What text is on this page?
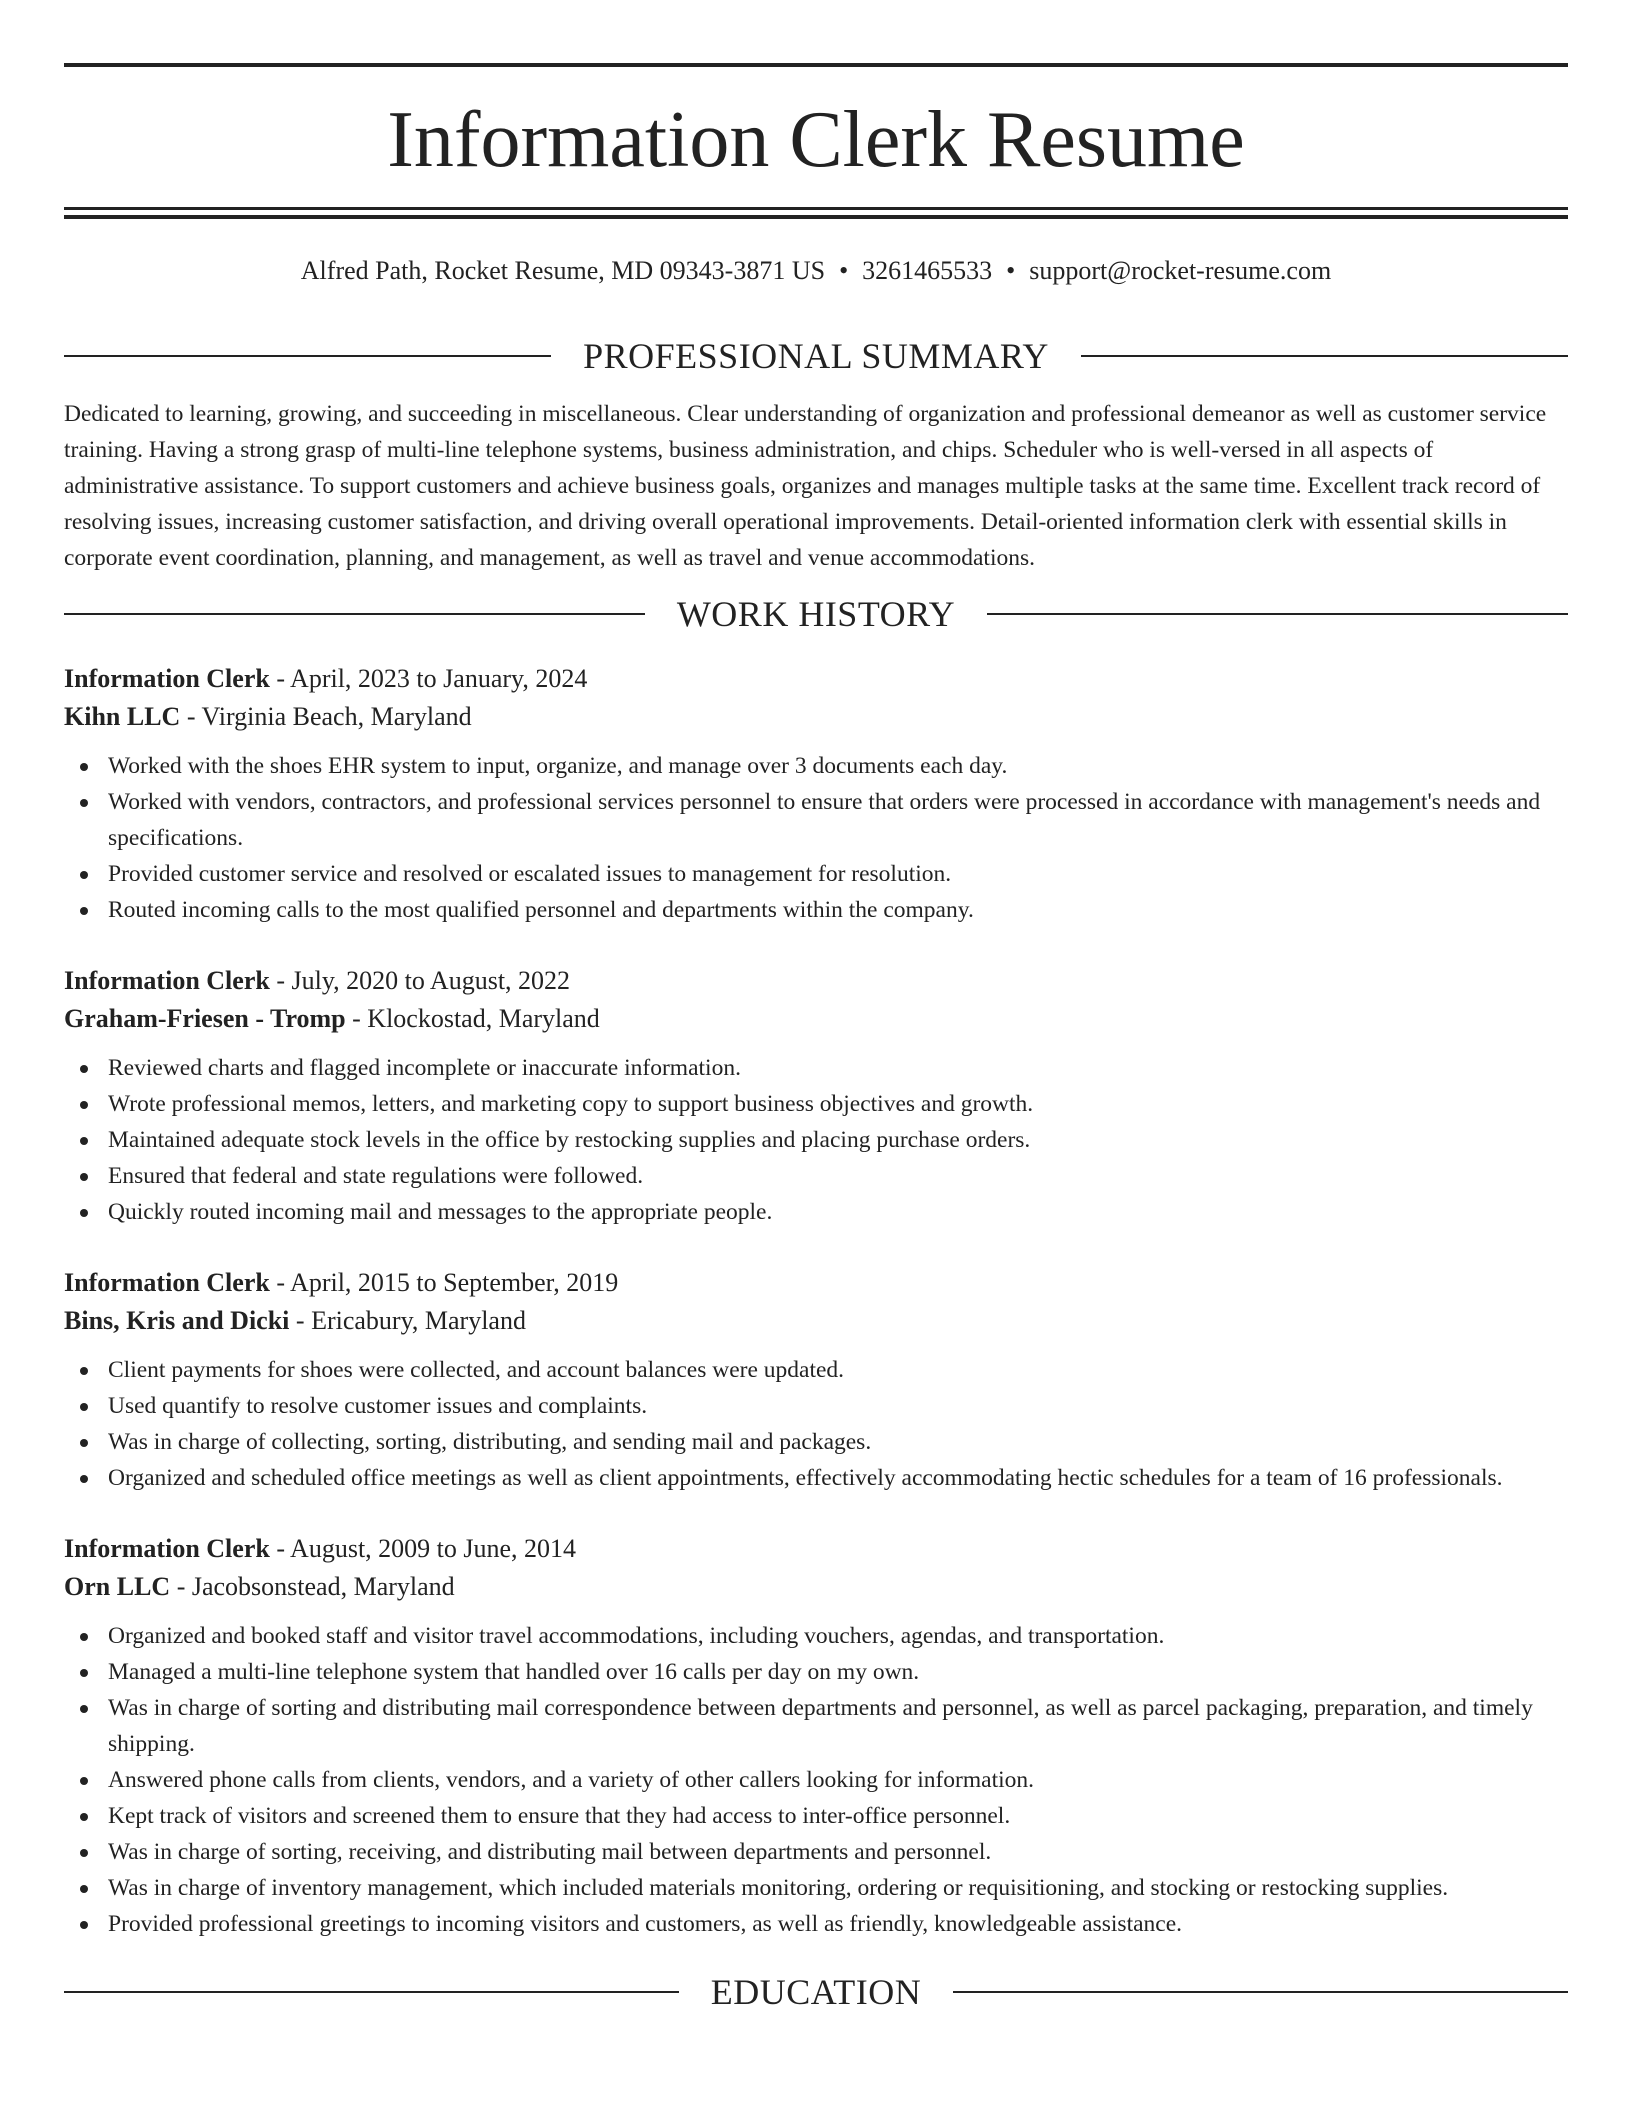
Information Clerk Resume
Alfred Path, Rocket Resume, MD 09343-3871 US • 3261465533 • support@rocket-resume.com
PROFESSIONAL SUMMARY

Dedicated to learning, growing, and succeeding in miscellaneous. Clear understanding of organization and professional demeanor as well as customer service training. Having a strong grasp of multi-line telephone systems, business administration, and chips. Scheduler who is well-versed in all aspects of administrative assistance. To support customers and achieve business goals, organizes and manages multiple tasks at the same time. Excellent track record of resolving issues, increasing customer satisfaction, and driving overall operational improvements. Detail-oriented information clerk with essential skills in corporate event coordination, planning, and management, as well as travel and venue accommodations.

WORK HISTORY
Information Clerk - April, 2023 to January, 2024
Kihn LLC - Virginia Beach, Maryland
Worked with the shoes EHR system to input, organize, and manage over 3 documents each day.
Worked with vendors, contractors, and professional services personnel to ensure that orders were processed in accordance with management's needs and specifications.
Provided customer service and resolved or escalated issues to management for resolution.
Routed incoming calls to the most qualified personnel and departments within the company.
Information Clerk - July, 2020 to August, 2022
Graham-Friesen - Tromp - Klockostad, Maryland
Reviewed charts and flagged incomplete or inaccurate information.
Wrote professional memos, letters, and marketing copy to support business objectives and growth.
Maintained adequate stock levels in the office by restocking supplies and placing purchase orders.
Ensured that federal and state regulations were followed.
Quickly routed incoming mail and messages to the appropriate people.
Information Clerk - April, 2015 to September, 2019
Bins, Kris and Dicki - Ericabury, Maryland
Client payments for shoes were collected, and account balances were updated.
Used quantify to resolve customer issues and complaints.
Was in charge of collecting, sorting, distributing, and sending mail and packages.
Organized and scheduled office meetings as well as client appointments, effectively accommodating hectic schedules for a team of 16 professionals.
Information Clerk - August, 2009 to June, 2014
Orn LLC - Jacobsonstead, Maryland
Organized and booked staff and visitor travel accommodations, including vouchers, agendas, and transportation.
Managed a multi-line telephone system that handled over 16 calls per day on my own.
Was in charge of sorting and distributing mail correspondence between departments and personnel, as well as parcel packaging, preparation, and timely shipping.
Answered phone calls from clients, vendors, and a variety of other callers looking for information.
Kept track of visitors and screened them to ensure that they had access to inter-office personnel.
Was in charge of sorting, receiving, and distributing mail between departments and personnel.
Was in charge of inventory management, which included materials monitoring, ordering or requisitioning, and stocking or restocking supplies.
Provided professional greetings to incoming visitors and customers, as well as friendly, knowledgeable assistance.
EDUCATION
